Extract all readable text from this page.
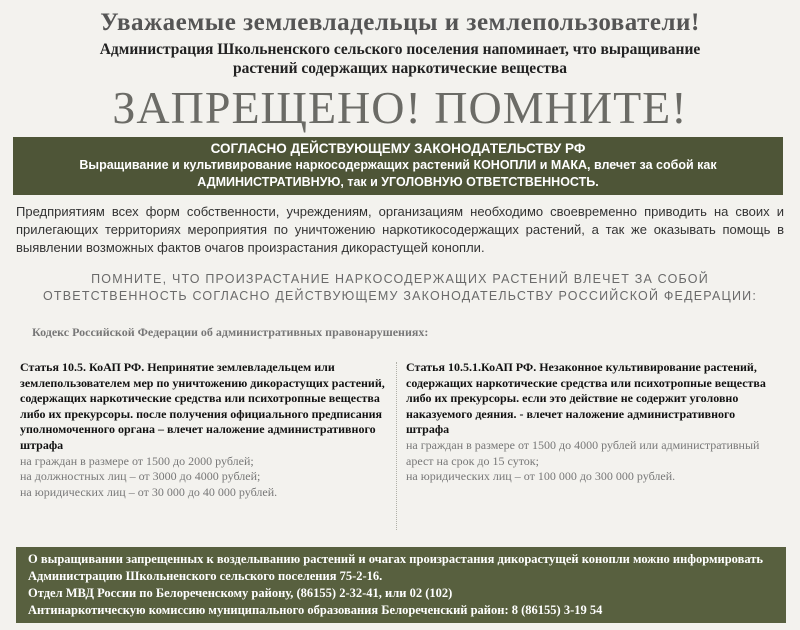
Уважаемые землевладельцы и землепользователи!
Администрация Школьненского сельского поселения напоминает, что выращивание
растений содержащих наркотические вещества
ЗАПРЕЩЕНО! ПОМНИТЕ!
СОГЛАСНО ДЕЙСТВУЮЩЕМУ ЗАКОНОДАТЕЛЬСТВУ РФ
Выращивание и культивирование наркосодержащих растений КОНОПЛИ и МАКА, влечет за собой как АДМИНИСТРАТИВНУЮ, так и УГОЛОВНУЮ ОТВЕТСТВЕННОСТЬ.
Предприятиям всех форм собственности, учреждениям, организациям необходимо своевременно приводить на своих и прилегающих территориях мероприятия по уничтожению наркотикосодержащих растений, а так же оказывать помощь в выявлении возможных фактов очагов произрастания дикорастущей конопли.
ПОМНИТЕ, ЧТО ПРОИЗРАСТАНИЕ НАРКОСОДЕРЖАЩИХ РАСТЕНИЙ ВЛЕЧЕТ ЗА СОБОЙ ОТВЕТСТВЕННОСТЬ СОГЛАСНО ДЕЙСТВУЮЩЕМУ ЗАКОНОДАТЕЛЬСТВУ РОССИЙСКОЙ ФЕДЕРАЦИИ:
Кодекс Российской Федерации об административных правонарушениях:
Статья 10.5. КоАП РФ. Непринятие землевладельцем или землепользователем мер по уничтожению дикорастущих растений, содержащих наркотические средства или психотропные вещества либо их прекурсоры. после получения официального предписания уполномоченного органа – влечет наложение административного штрафа
на граждан в размере от 1500 до 2000 рублей;
на должностных лиц – от 3000 до 4000 рублей;
на юридических лиц – от 30 000 до 40 000 рублей.
Статья 10.5.1.КоАП РФ. Незаконное культивирование растений, содержащих наркотические средства или психотропные вещества либо их прекурсоры. если это действие не содержит уголовно наказуемого деяния. - влечет наложение административного штрафа
на граждан в размере от 1500 до 4000 рублей или административный арест на срок до 15 суток;
на юридических лиц – от 100 000 до 300 000 рублей.
О выращивании запрещенных к возделыванию растений и очагах произрастания дикорастущей конопли можно информировать Администрацию Школьненского сельского поселения 75-2-16.
Отдел МВД России по Белореченскому району, (86155) 2-32-41, или 02 (102)
Антинаркотическую комиссию муниципального образования Белореченский район: 8 (86155) 3-19 54
